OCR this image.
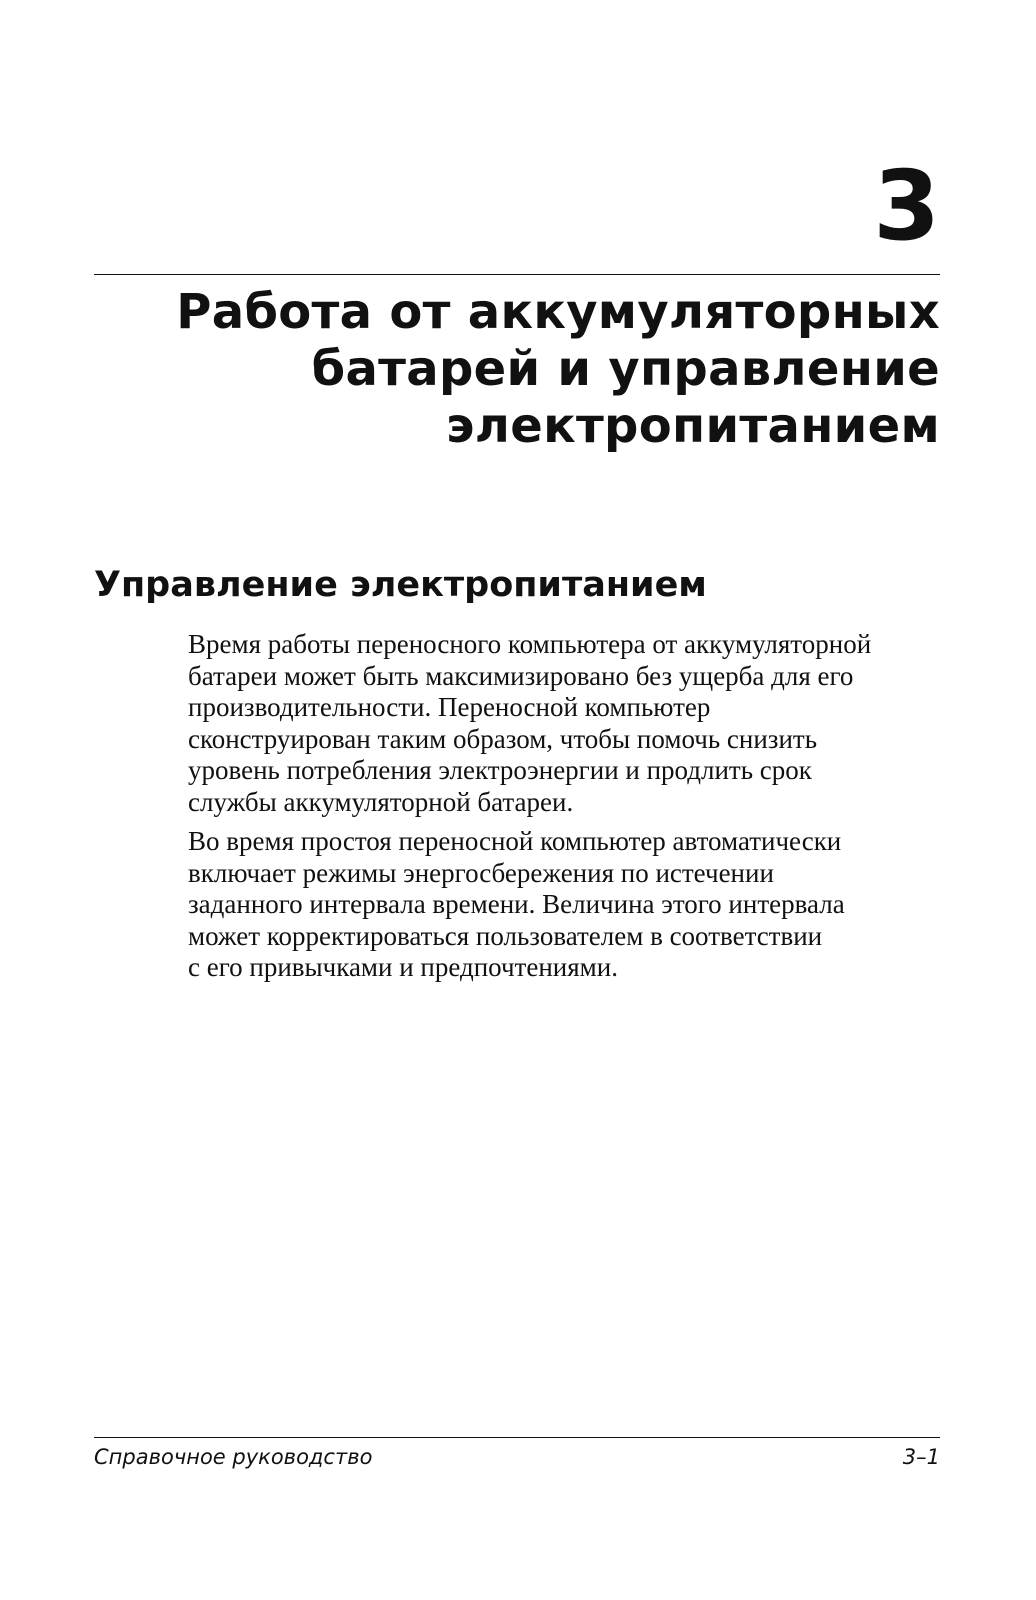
3
Работа от аккумуляторных
батарей и управление
электропитанием
Управление электропитанием

Время работы переносного компьютера от аккумуляторной
батареи может быть максимизировано без ущерба для его
производительности. Переносной компьютер
сконструирован таким образом, чтобы помочь снизить
уровень потребления электроэнергии и продлить срок
службы аккумуляторной батареи.

Во время простоя переносной компьютер автоматически
включает режимы энергосбережения по истечении
заданного интервала времени. Величина этого интервала
может корректироваться пользователем в соответствии
с его привычками и предпочтениями.

Справочное руководство	3–1
